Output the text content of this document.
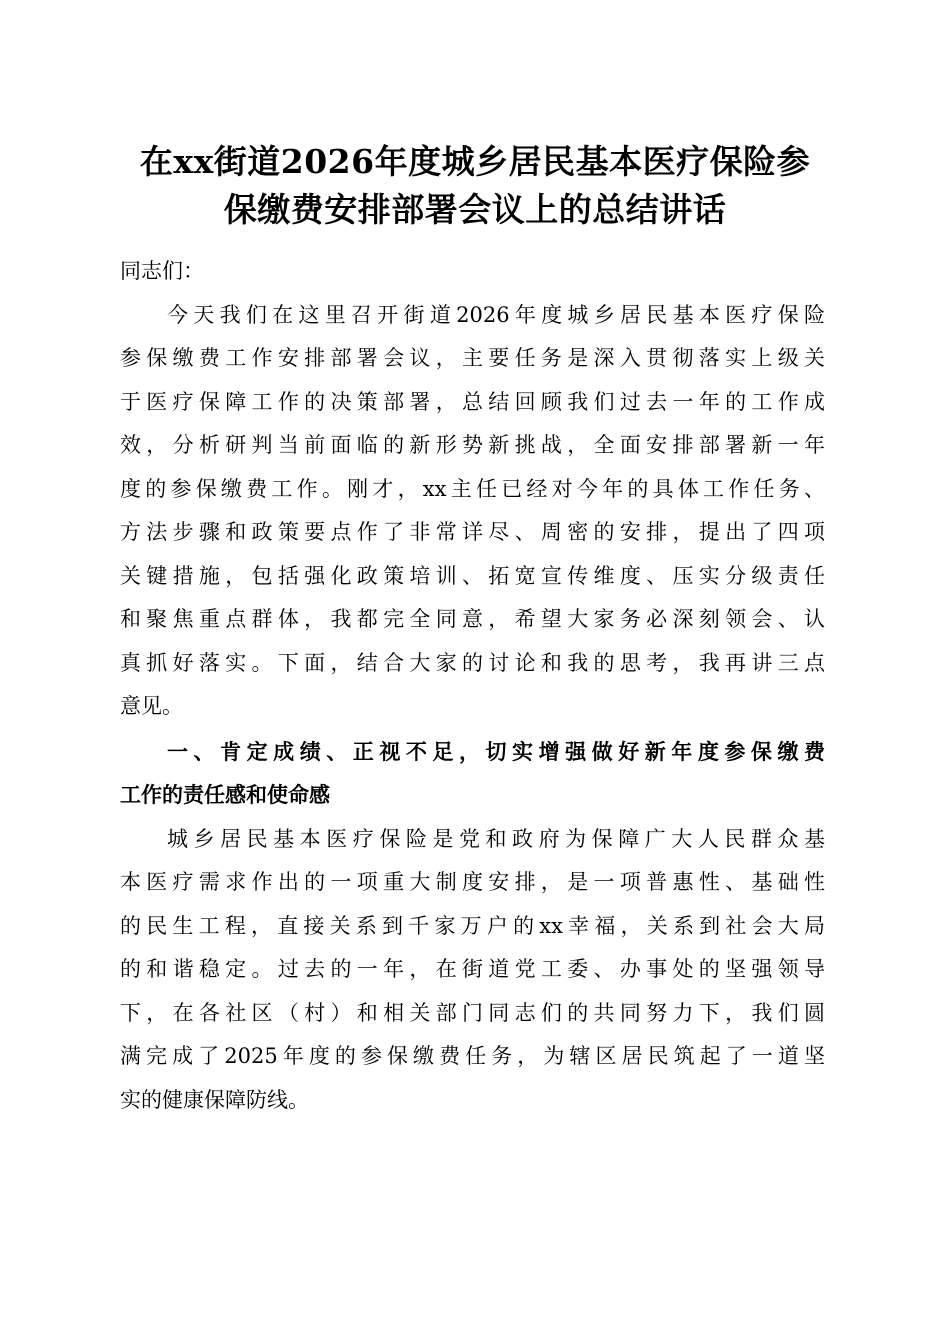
在xx街道2026年度城乡居民基本医疗保险参
保缴费安排部署会议上的总结讲话
同志们：
今天我们在这里召开街道2026年度城乡居民基本医疗保险
参保缴费工作安排部署会议，主要任务是深入贯彻落实上级关
于医疗保障工作的决策部署，总结回顾我们过去一年的工作成
效，分析研判当前面临的新形势新挑战，全面安排部署新一年
度的参保缴费工作。刚才，xx主任已经对今年的具体工作任务、
方法步骤和政策要点作了非常详尽、周密的安排，提出了四项
关键措施，包括强化政策培训、拓宽宣传维度、压实分级责任
和聚焦重点群体，我都完全同意，希望大家务必深刻领会、认
真抓好落实。下面，结合大家的讨论和我的思考，我再讲三点
意见。
一、肯定成绩、正视不足，切实增强做好新年度参保缴费
工作的责任感和使命感
城乡居民基本医疗保险是党和政府为保障广大人民群众基
本医疗需求作出的一项重大制度安排，是一项普惠性、基础性
的民生工程，直接关系到千家万户的xx幸福，关系到社会大局
的和谐稳定。过去的一年，在街道党工委、办事处的坚强领导
下，在各社区（村）和相关部门同志们的共同努力下，我们圆
满完成了2025年度的参保缴费任务，为辖区居民筑起了一道坚
实的健康保障防线。
